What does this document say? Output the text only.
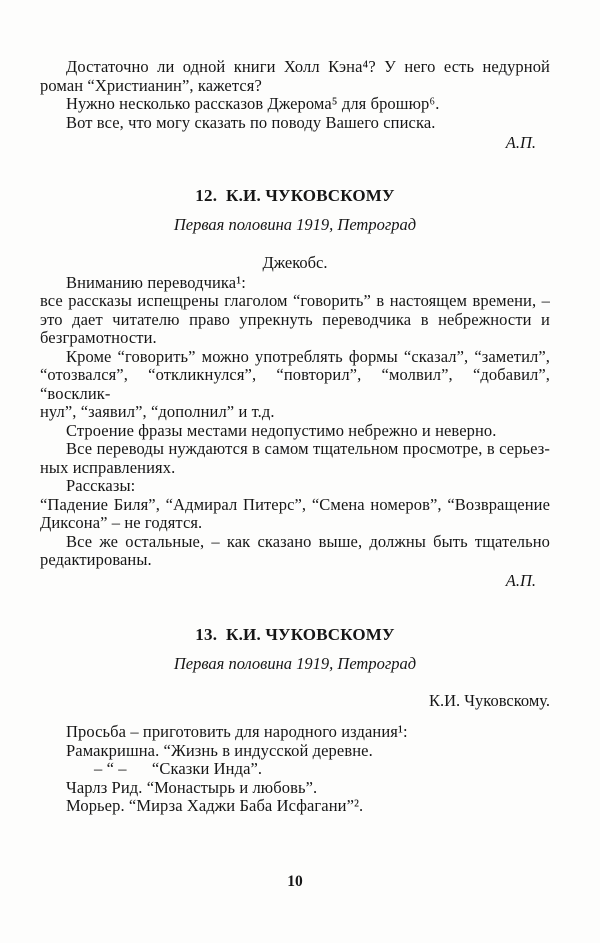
Достаточно ли одной книги Холл Кэна⁴? У него есть недурной
роман “Христианин”, кажется?
Нужно несколько рассказов Джерома⁵ для брошюр⁶.
Вот все, что могу сказать по поводу Вашего списка.
А.П.
12.  К.И. ЧУКОВСКОМУ
Первая половина 1919, Петроград
Джекобс.
Вниманию переводчика¹:
все рассказы испещрены глаголом “говорить” в настоящем времени, –
это дает читателю право упрекнуть переводчика в небрежности и
безграмотности.
Кроме “говорить” можно употреблять формы “сказал”, “заметил”,
“отозвался”, “откликнулся”, “повторил”, “молвил”, “добавил”, “восклик-
нул”, “заявил”, “дополнил” и т.д.
Строение фразы местами недопустимо небрежно и неверно.
Все переводы нуждаются в самом тщательном просмотре, в серьез-
ных исправлениях.
Рассказы:
“Падение Биля”, “Адмирал Питерс”, “Смена номеров”, “Возвращение
Диксона” – не годятся.
Все же остальные, – как сказано выше, должны быть тщательно
редактированы.
А.П.
13.  К.И. ЧУКОВСКОМУ
Первая половина 1919, Петроград
К.И. Чуковскому.
Просьба – приготовить для народного издания¹:
Рамакришна. “Жизнь в индусской деревне.
– “ –      “Сказки Инда”.
Чарлз Рид. “Монастырь и любовь”.
Морьер. “Мирза Хаджи Баба Исфагани”².
10
